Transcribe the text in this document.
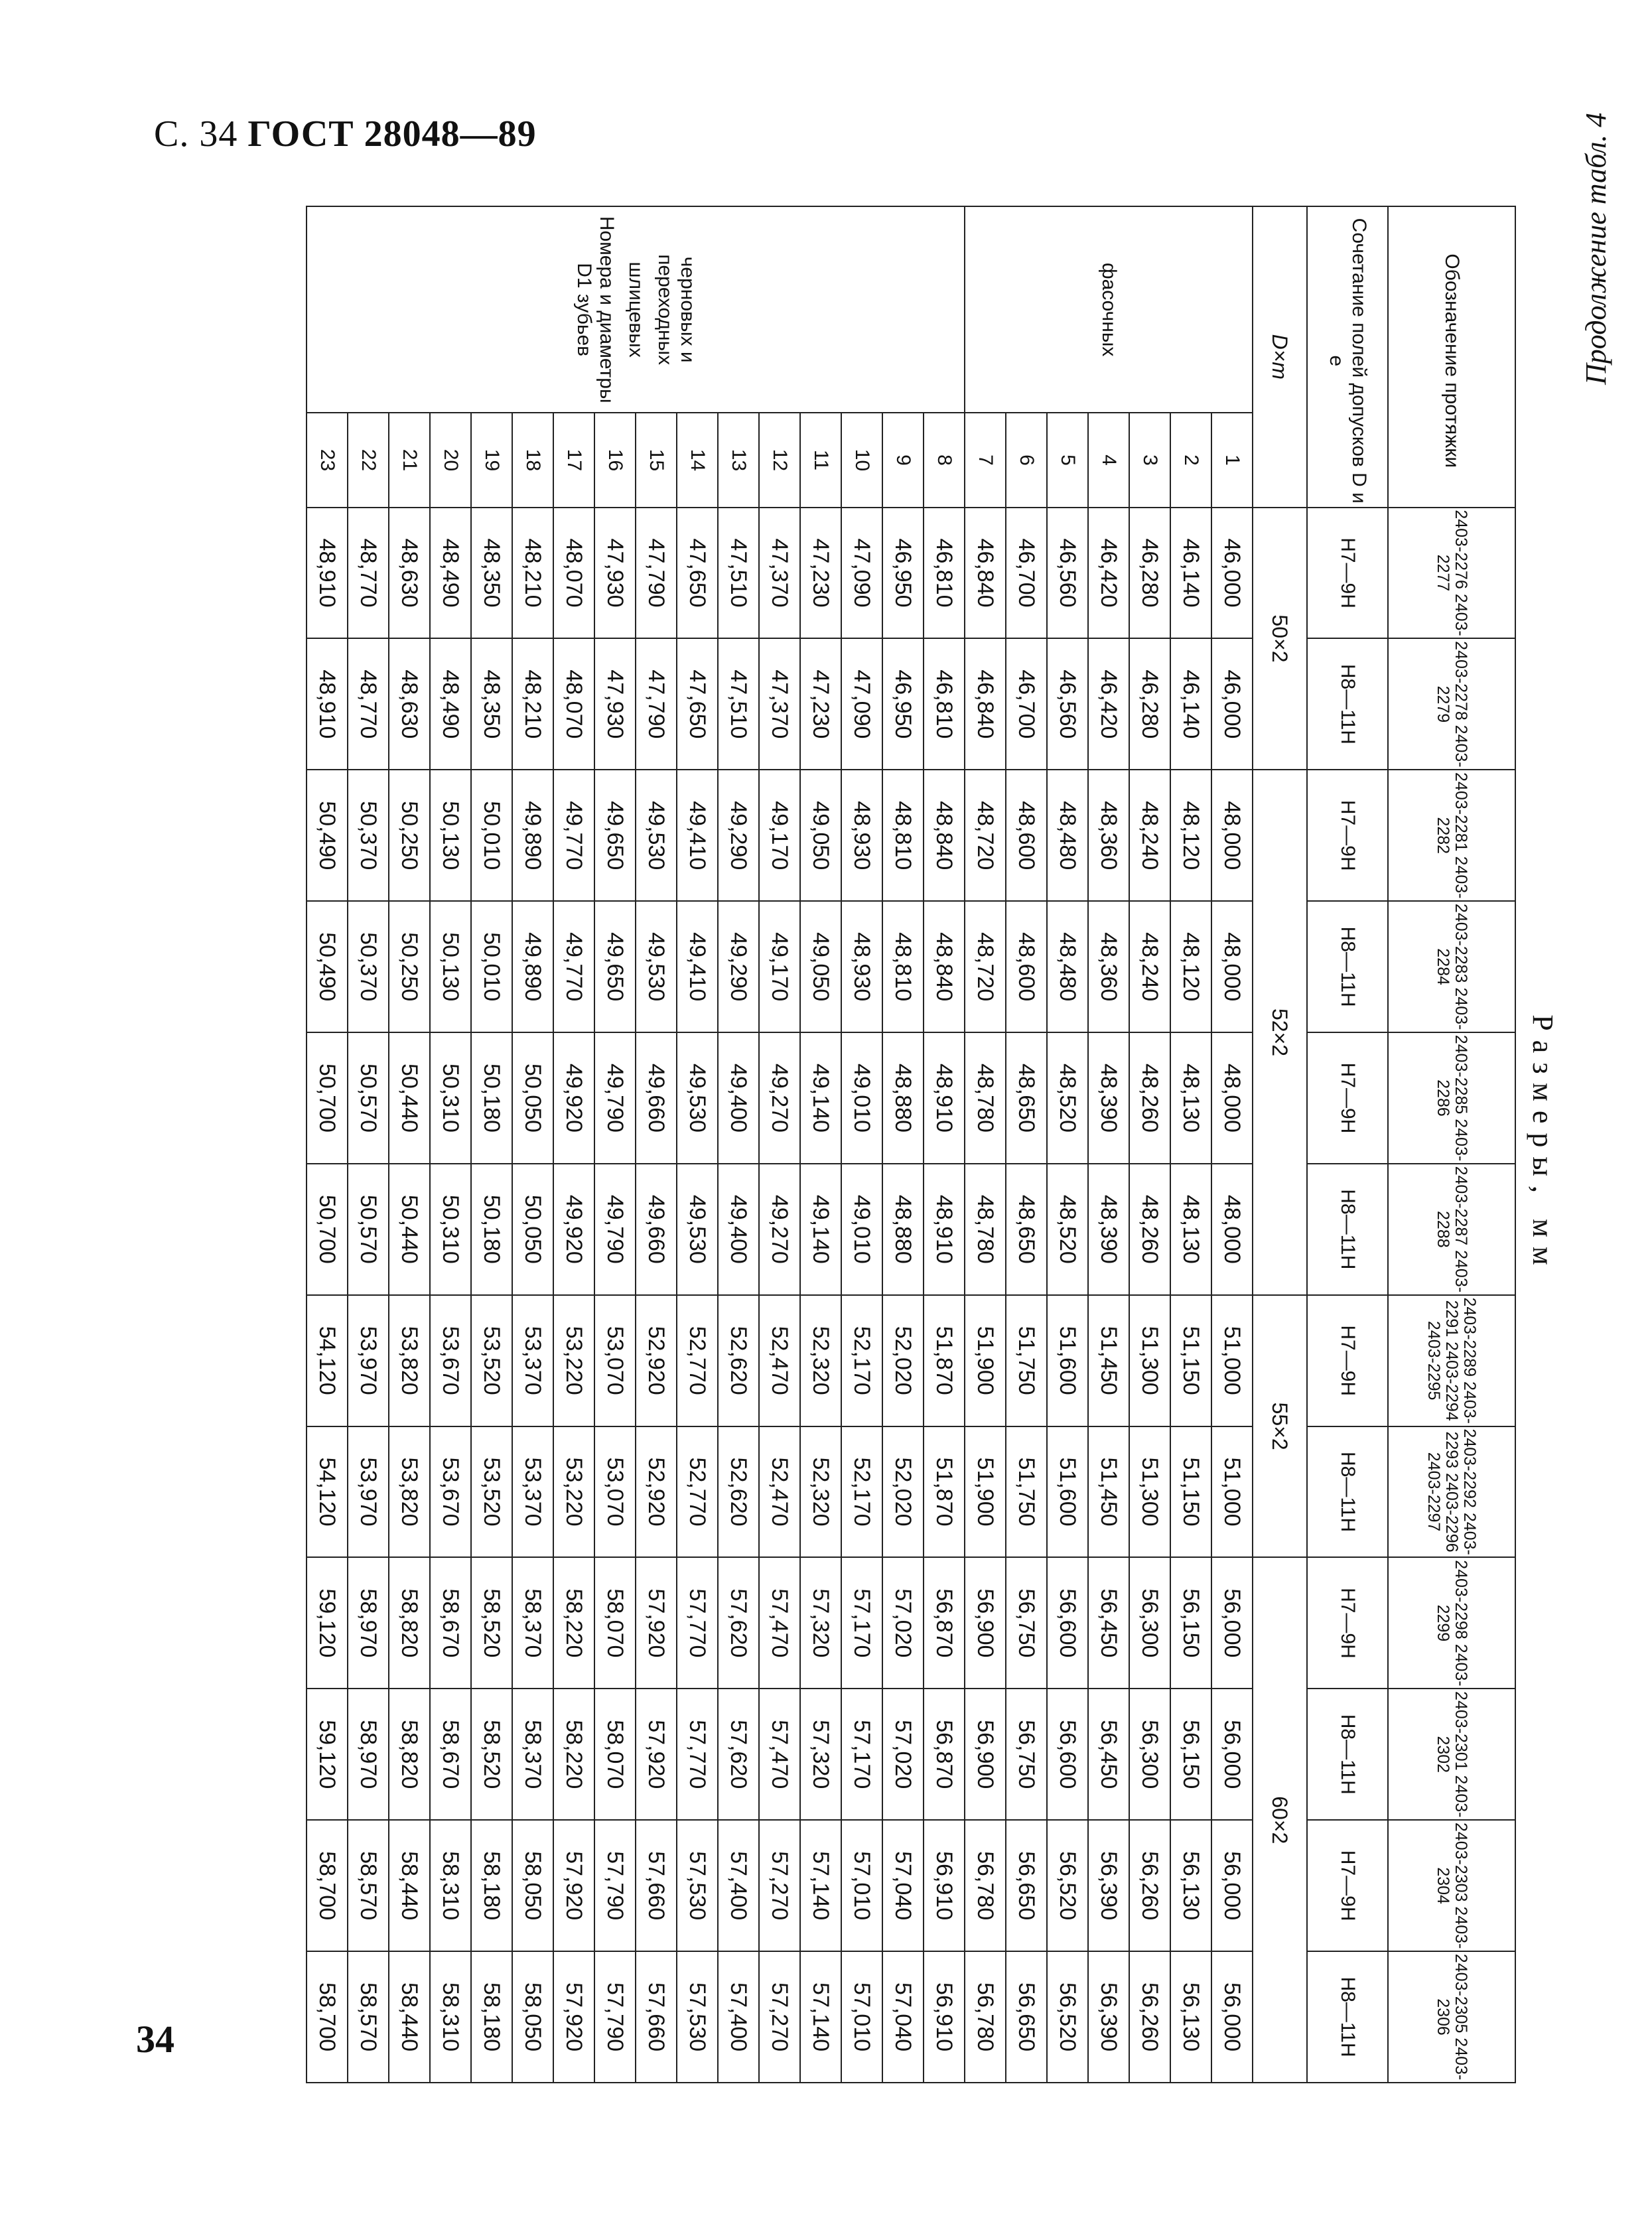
С. 34 ГОСТ 28048—89	Продолжение табл. 4
34
Размеры, мм
Обозначение протяжки		2403-2276 2403-2277	2403-2278 2403-2279	2403-2281 2403-2282	2403-2283 2403-2284	2403-2285 2403-2286	2403-2287 2403-2288	2403-2289 2403-2291 2403-2294 2403-2295	2403-2292 2403-2293 2403-2296 2403-2297	2403-2298 2403-2299	2403-2301 2403-2302	2403-2303 2403-2304	2403-2305 2403-2306
Сочетание полей допусков D и e		H7—9H	H8—11H	H7—9H	H8—11H	H7—9H	H8—11H	H7—9H	H8—11H	H7—9H	H8—11H	H7—9H	H8—11H
D×m		50×2		52×2				55×2		60×2			
фасочных	1	46,000	46,000	48,000	48,000	48,000	48,000	51,000	51,000	56,000	56,000	56,000	56,000
	2	46,140	46,140	48,120	48,120	48,130	48,130	51,150	51,150	56,150	56,150	56,130	56,130
	3	46,280	46,280	48,240	48,240	48,260	48,260	51,300	51,300	56,300	56,300	56,260	56,260
	4	46,420	46,420	48,360	48,360	48,390	48,390	51,450	51,450	56,450	56,450	56,390	56,390
	5	46,560	46,560	48,480	48,480	48,520	48,520	51,600	51,600	56,600	56,600	56,520	56,520
	6	46,700	46,700	48,600	48,600	48,650	48,650	51,750	51,750	56,750	56,750	56,650	56,650
	7	46,840	46,840	48,720	48,720	48,780	48,780	51,900	51,900	56,900	56,900	56,780	56,780

черновых и переходных
шлицевых
Номера и диаметры D1 зубьев	8	46,810	46,810	48,840	48,840	48,910	48,910	51,870	51,870	56,870	56,870	56,910	56,910
	9	46,950	46,950	48,810	48,810	48,880	48,880	52,020	52,020	57,020	57,020	57,040	57,040
	10	47,090	47,090	48,930	48,930	49,010	49,010	52,170	52,170	57,170	57,170	57,010	57,010
	11	47,230	47,230	49,050	49,050	49,140	49,140	52,320	52,320	57,320	57,320	57,140	57,140
	12	47,370	47,370	49,170	49,170	49,270	49,270	52,470	52,470	57,470	57,470	57,270	57,270
	13	47,510	47,510	49,290	49,290	49,400	49,400	52,620	52,620	57,620	57,620	57,400	57,400
	14	47,650	47,650	49,410	49,410	49,530	49,530	52,770	52,770	57,770	57,770	57,530	57,530
	15	47,790	47,790	49,530	49,530	49,660	49,660	52,920	52,920	57,920	57,920	57,660	57,660
	16	47,930	47,930	49,650	49,650	49,790	49,790	53,070	53,070	58,070	58,070	57,790	57,790
	17	48,070	48,070	49,770	49,770	49,920	49,920	53,220	53,220	58,220	58,220	57,920	57,920
	18	48,210	48,210	49,890	49,890	50,050	50,050	53,370	53,370	58,370	58,370	58,050	58,050
	19	48,350	48,350	50,010	50,010	50,180	50,180	53,520	53,520	58,520	58,520	58,180	58,180
	20	48,490	48,490	50,130	50,130	50,310	50,310	53,670	53,670	58,670	58,670	58,310	58,310
	21	48,630	48,630	50,250	50,250	50,440	50,440	53,820	53,820	58,820	58,820	58,440	58,440
	22	48,770	48,770	50,370	50,370	50,570	50,570	53,970	53,970	58,970	58,970	58,570	58,570
	23	48,910	48,910	50,490	50,490	50,700	50,700	54,120	54,120	59,120	59,120	58,700	58,700
